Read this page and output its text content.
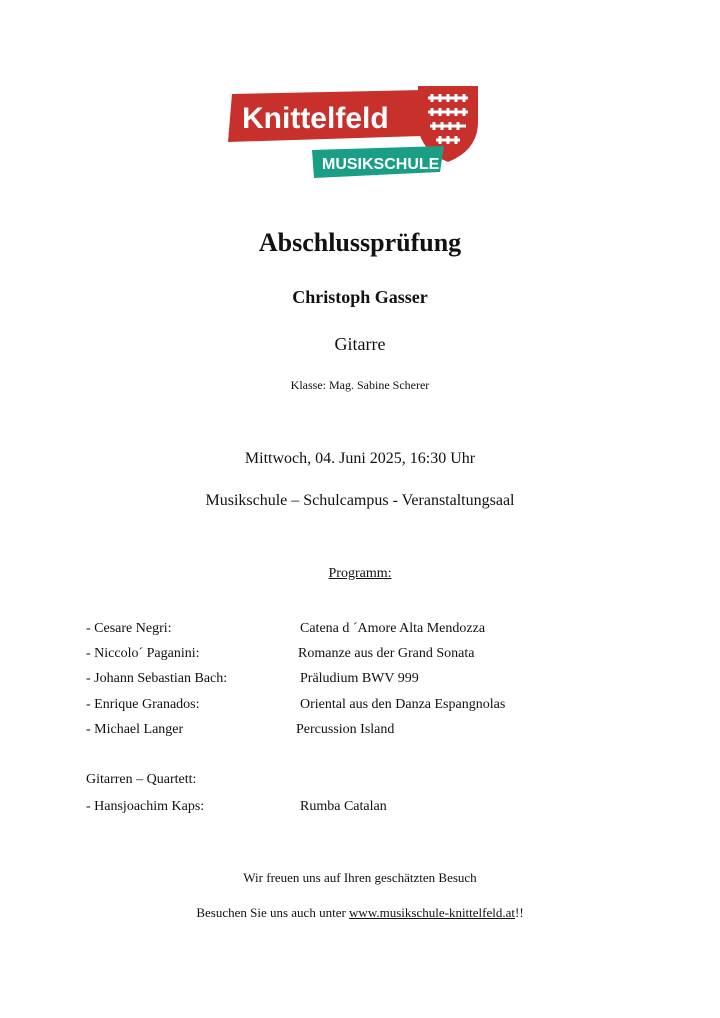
Knittelfeld
MUSIKSCHULE
Abschlussprüfung
Christoph Gasser
Gitarre
Klasse: Mag. Sabine Scherer
Mittwoch, 04. Juni 2025, 16:30 Uhr
Musikschule – Schulcampus - Veranstaltungsaal
Programm:
- Cesare Negri:	Catena d ´Amore Alta Mendozza
- Niccolo´ Paganini:	Romanze aus der Grand Sonata
- Johann Sebastian Bach:	Präludium BWV 999
- Enrique Granados:	Oriental aus den Danza Espangnolas
- Michael Langer	Percussion Island
Gitarren – Quartett:
- Hansjoachim Kaps:	Rumba Catalan
Wir freuen uns auf Ihren geschätzten Besuch
Besuchen Sie uns auch unter www.musikschule-knittelfeld.at!!
